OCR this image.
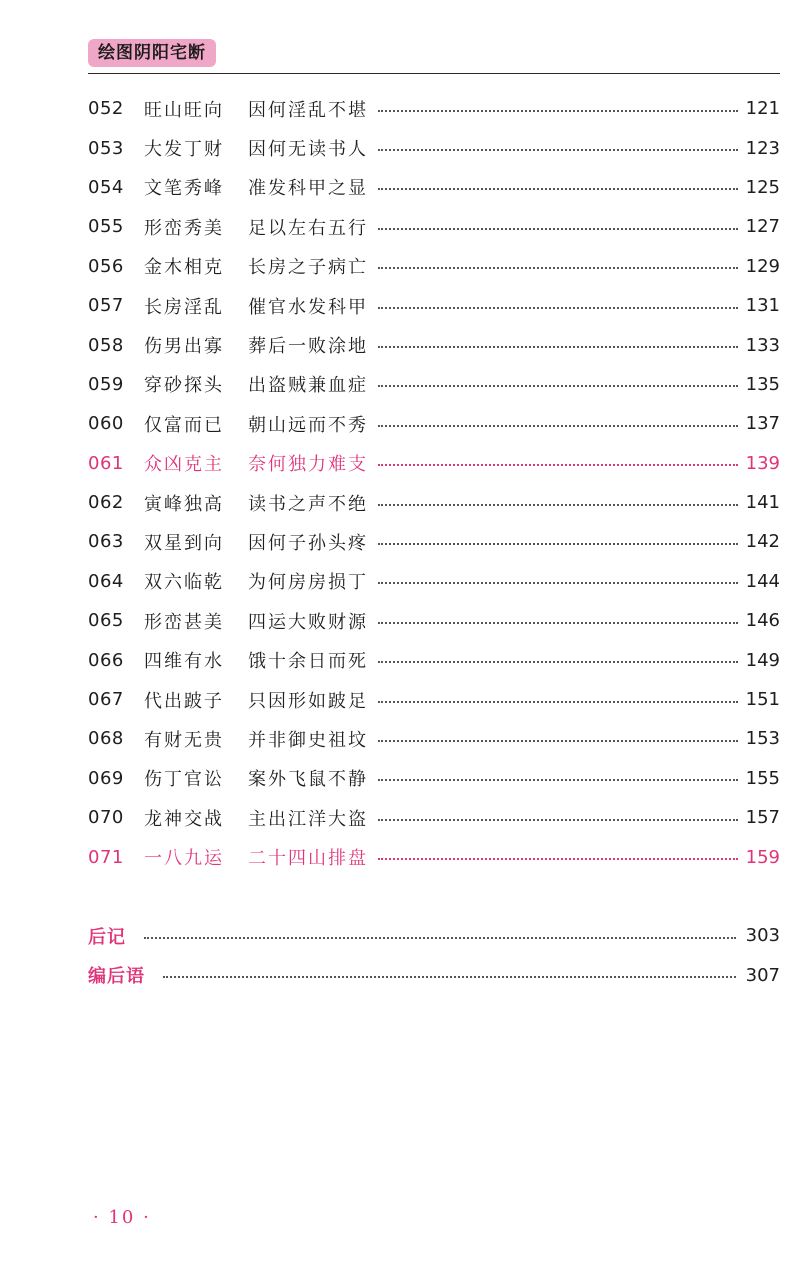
绘图阴阳宅断
052	旺山旺向	因何淫乱不堪	121
053	大发丁财	因何无读书人	123
054	文笔秀峰	准发科甲之显	125
055	形峦秀美	足以左右五行	127
056	金木相克	长房之子病亡	129
057	长房淫乱	催官水发科甲	131
058	伤男出寡	葬后一败涂地	133
059	穿砂探头	出盗贼兼血症	135
060	仅富而已	朝山远而不秀	137
061	众凶克主	奈何独力难支	139
062	寅峰独高	读书之声不绝	141
063	双星到向	因何子孙头疼	142
064	双六临乾	为何房房损丁	144
065	形峦甚美	四运大败财源	146
066	四维有水	饿十余日而死	149
067	代出跛子	只因形如跛足	151
068	有财无贵	并非御史祖坟	153
069	伤丁官讼	案外飞鼠不静	155
070	龙神交战	主出江洋大盗	157
071	一八九运	二十四山排盘	159
后记	303
编后语	307
· 10 ·
